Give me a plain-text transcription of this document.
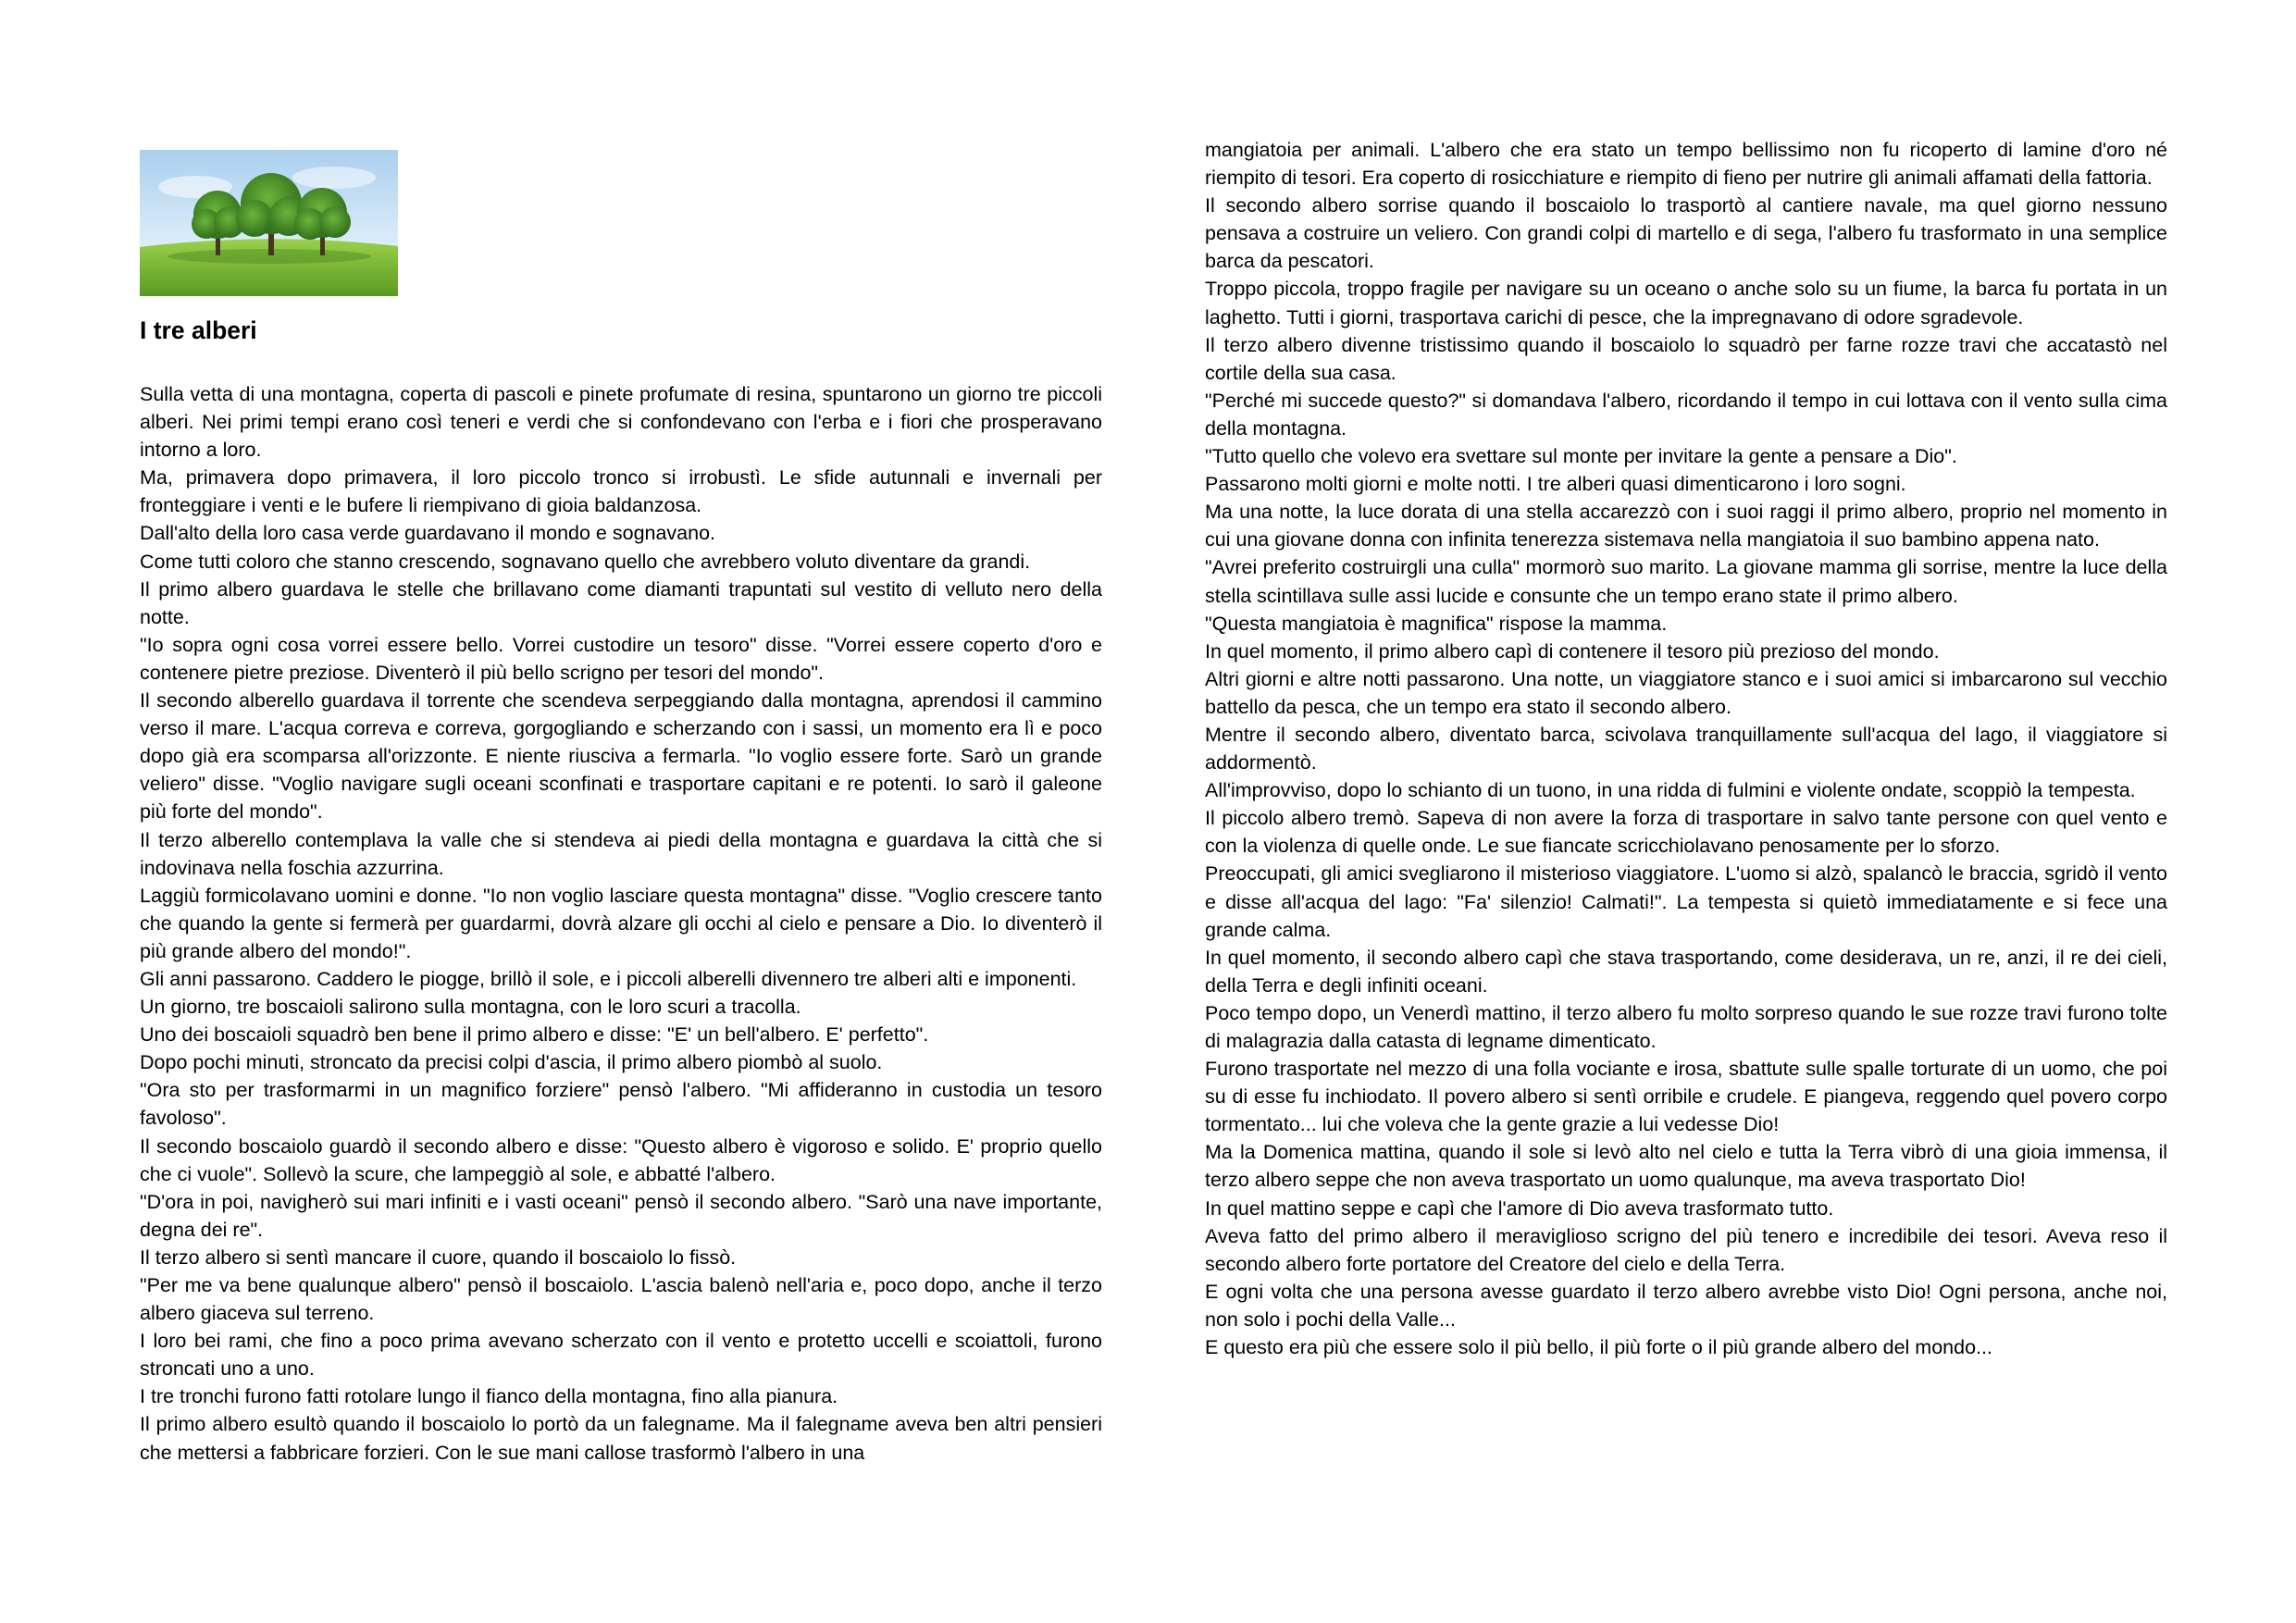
I tre alberi

Sulla vetta di una montagna, coperta di pascoli e pinete profumate di resina, spuntarono un giorno tre piccoli alberi. Nei primi tempi erano così teneri e verdi che si confondevano con l'erba e i fiori che prosperavano intorno a loro.

Ma, primavera dopo primavera, il loro piccolo tronco si irrobustì. Le sfide autunnali e invernali per fronteggiare i venti e le bufere li riempivano di gioia baldanzosa.

Dall'alto della loro casa verde guardavano il mondo e sognavano.

Come tutti coloro che stanno crescendo, sognavano quello che avrebbero voluto diventare da grandi.

Il primo albero guardava le stelle che brillavano come diamanti trapuntati sul vestito di velluto nero della notte.

"Io sopra ogni cosa vorrei essere bello. Vorrei custodire un tesoro" disse. "Vorrei essere coperto d'oro e contenere pietre preziose. Diventerò il più bello scrigno per tesori del mondo".

Il secondo alberello guardava il torrente che scendeva serpeggiando dalla montagna, aprendosi il cammino verso il mare. L'acqua correva e correva, gorgogliando e scherzando con i sassi, un momento era lì e poco dopo già era scomparsa all'orizzonte. E niente riusciva a fermarla. "Io voglio essere forte. Sarò un grande veliero" disse. "Voglio navigare sugli oceani sconfinati e trasportare capitani e re potenti. Io sarò il galeone più forte del mondo".

Il terzo alberello contemplava la valle che si stendeva ai piedi della montagna e guardava la città che si indovinava nella foschia azzurrina.

Laggiù formicolavano uomini e donne. "Io non voglio lasciare questa montagna" disse. "Voglio crescere tanto che quando la gente si fermerà per guardarmi, dovrà alzare gli occhi al cielo e pensare a Dio. Io diventerò il più grande albero del mondo!".

Gli anni passarono. Caddero le piogge, brillò il sole, e i piccoli alberelli divennero tre alberi alti e imponenti.

Un giorno, tre boscaioli salirono sulla montagna, con le loro scuri a tracolla.

Uno dei boscaioli squadrò ben bene il primo albero e disse: "E' un bell'albero. E' perfetto".

Dopo pochi minuti, stroncato da precisi colpi d'ascia, il primo albero piombò al suolo.

"Ora sto per trasformarmi in un magnifico forziere" pensò l'albero. "Mi affideranno in custodia un tesoro favoloso".

Il secondo boscaiolo guardò il secondo albero e disse: "Questo albero è vigoroso e solido. E' proprio quello che ci vuole". Sollevò la scure, che lampeggiò al sole, e abbatté l'albero.

"D'ora in poi, navigherò sui mari infiniti e i vasti oceani" pensò il secondo albero. "Sarò una nave importante, degna dei re".

Il terzo albero si sentì mancare il cuore, quando il boscaiolo lo fissò.

"Per me va bene qualunque albero" pensò il boscaiolo. L'ascia balenò nell'aria e, poco dopo, anche il terzo albero giaceva sul terreno.

I loro bei rami, che fino a poco prima avevano scherzato con il vento e protetto uccelli e scoiattoli, furono stroncati uno a uno.

I tre tronchi furono fatti rotolare lungo il fianco della montagna, fino alla pianura.

Il primo albero esultò quando il boscaiolo lo portò da un falegname. Ma il falegname aveva ben altri pensieri che mettersi a fabbricare forzieri. Con le sue mani callose trasformò l'albero in una

mangiatoia per animali. L'albero che era stato un tempo bellissimo non fu ricoperto di lamine d'oro né riempito di tesori. Era coperto di rosicchiature e riempito di fieno per nutrire gli animali affamati della fattoria.

Il secondo albero sorrise quando il boscaiolo lo trasportò al cantiere navale, ma quel giorno nessuno pensava a costruire un veliero. Con grandi colpi di martello e di sega, l'albero fu trasformato in una semplice barca da pescatori.

Troppo piccola, troppo fragile per navigare su un oceano o anche solo su un fiume, la barca fu portata in un laghetto. Tutti i giorni, trasportava carichi di pesce, che la impregnavano di odore sgradevole.

Il terzo albero divenne tristissimo quando il boscaiolo lo squadrò per farne rozze travi che accatastò nel cortile della sua casa.

"Perché mi succede questo?" si domandava l'albero, ricordando il tempo in cui lottava con il vento sulla cima della montagna.

"Tutto quello che volevo era svettare sul monte per invitare la gente a pensare a Dio".

Passarono molti giorni e molte notti. I tre alberi quasi dimenticarono i loro sogni.

Ma una notte, la luce dorata di una stella accarezzò con i suoi raggi il primo albero, proprio nel momento in cui una giovane donna con infinita tenerezza sistemava nella mangiatoia il suo bambino appena nato.

"Avrei preferito costruirgli una culla" mormorò suo marito. La giovane mamma gli sorrise, mentre la luce della stella scintillava sulle assi lucide e consunte che un tempo erano state il primo albero.

"Questa mangiatoia è magnifica" rispose la mamma.

In quel momento, il primo albero capì di contenere il tesoro più prezioso del mondo.

Altri giorni e altre notti passarono. Una notte, un viaggiatore stanco e i suoi amici si imbarcarono sul vecchio battello da pesca, che un tempo era stato il secondo albero.

Mentre il secondo albero, diventato barca, scivolava tranquillamente sull'acqua del lago, il viaggiatore si addormentò.

All'improvviso, dopo lo schianto di un tuono, in una ridda di fulmini e violente ondate, scoppiò la tempesta.

Il piccolo albero tremò. Sapeva di non avere la forza di trasportare in salvo tante persone con quel vento e con la violenza di quelle onde. Le sue fiancate scricchiolavano penosamente per lo sforzo.

Preoccupati, gli amici svegliarono il misterioso viaggiatore. L'uomo si alzò, spalancò le braccia, sgridò il vento e disse all'acqua del lago: "Fa' silenzio! Calmati!". La tempesta si quietò immediatamente e si fece una grande calma.

In quel momento, il secondo albero capì che stava trasportando, come desiderava, un re, anzi, il re dei cieli, della Terra e degli infiniti oceani.

Poco tempo dopo, un Venerdì mattino, il terzo albero fu molto sorpreso quando le sue rozze travi furono tolte di malagrazia dalla catasta di legname dimenticato.

Furono trasportate nel mezzo di una folla vociante e irosa, sbattute sulle spalle torturate di un uomo, che poi su di esse fu inchiodato. Il povero albero si sentì orribile e crudele. E piangeva, reggendo quel povero corpo tormentato... lui che voleva che la gente grazie a lui vedesse Dio!

Ma la Domenica mattina, quando il sole si levò alto nel cielo e tutta la Terra vibrò di una gioia immensa, il terzo albero seppe che non aveva trasportato un uomo qualunque, ma aveva trasportato Dio!

In quel mattino seppe e capì che l'amore di Dio aveva trasformato tutto.

Aveva fatto del primo albero il meraviglioso scrigno del più tenero e incredibile dei tesori. Aveva reso il secondo albero forte portatore del Creatore del cielo e della Terra.

E ogni volta che una persona avesse guardato il terzo albero avrebbe visto Dio! Ogni persona, anche noi, non solo i pochi della Valle...

E questo era più che essere solo il più bello, il più forte o il più grande albero del mondo...
